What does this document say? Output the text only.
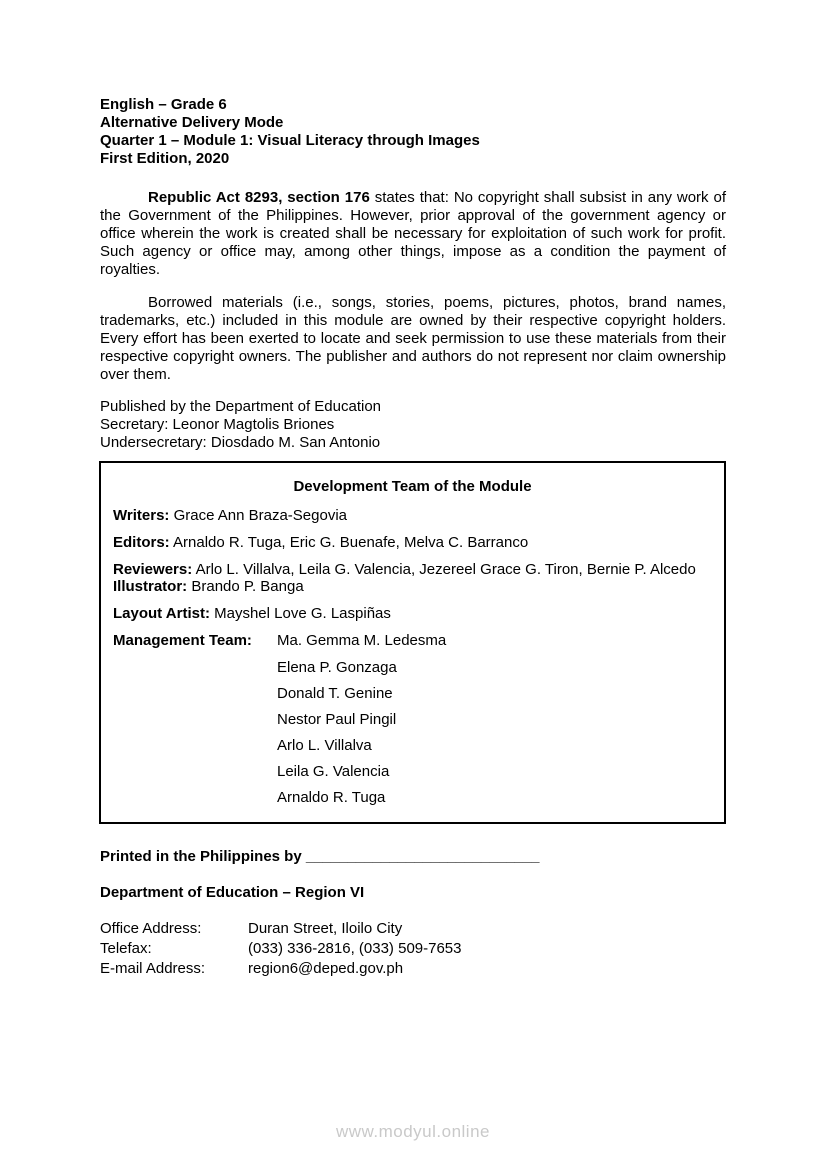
English – Grade 6

Alternative Delivery Mode

Quarter 1 – Module 1: Visual Literacy through Images

First Edition, 2020

Republic Act 8293, section 176 states that: No copyright shall subsist in any work of the Government of the Philippines. However, prior approval of the government agency or office wherein the work is created shall be necessary for exploitation of such work for profit. Such agency or office may, among other things, impose as a condition the payment of royalties.

Borrowed materials (i.e., songs, stories, poems, pictures, photos, brand names, trademarks, etc.) included in this module are owned by their respective copyright holders. Every effort has been exerted to locate and seek permission to use these materials from their respective copyright owners. The publisher and authors do not represent nor claim ownership over them.

Published by the Department of Education

Secretary: Leonor Magtolis Briones

Undersecretary: Diosdado M. San Antonio

Development Team of the Module

Writers: Grace Ann Braza-Segovia

Editors: Arnaldo R. Tuga, Eric G. Buenafe, Melva C. Barranco

Reviewers: Arlo L. Villalva, Leila G. Valencia, Jezereel Grace G. Tiron, Bernie P. Alcedo

Illustrator: Brando P. Banga

Layout Artist: Mayshel Love G. Laspiñas

Management Team: Ma. Gemma M. Ledesma

Elena P. Gonzaga
Donald T. Genine
Nestor Paul Pingil
Arlo L. Villalva
Leila G. Valencia
Arnaldo R. Tuga

Printed in the Philippines by ____________________________

Department of Education – Region VI

Office Address:	Duran Street, Iloilo City
Telefax:	(033) 336-2816, (033) 509-7653
E-mail Address:	region6@deped.gov.ph
www.modyul.online
